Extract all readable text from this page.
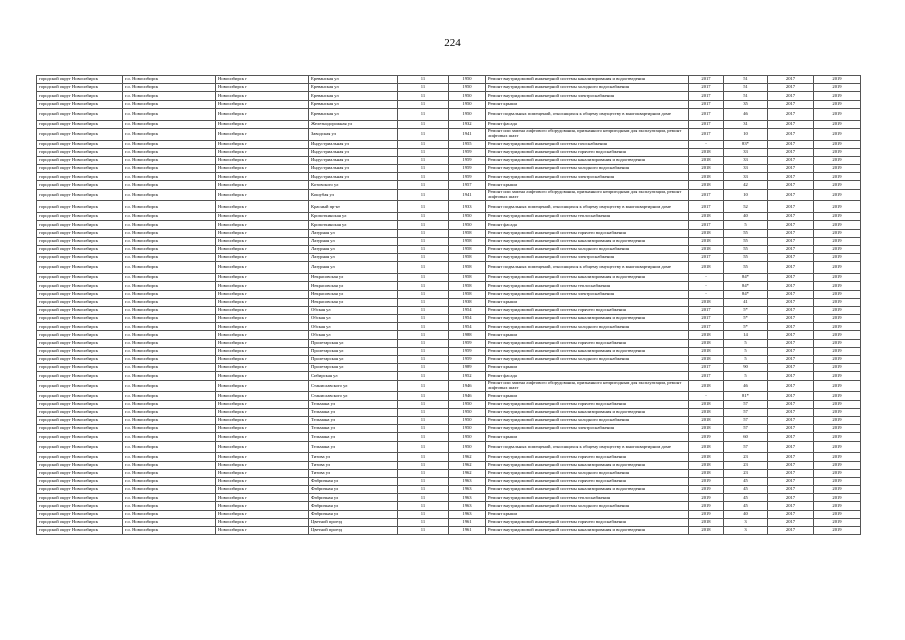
224
городской округ Новосибирск	г.о. Новосибирск	Новосибирск г	Ереванская ул	11	1950	Ремонт внутридомовой инженерной системы канализирования и водоотведения	2017	51	2017	2019
городской округ Новосибирск	г.о. Новосибирск	Новосибирск г	Ереванская ул	11	1950	Ремонт внутридомовой инженерной системы холодного водоснабжения	2017	51	2017	2019
городской округ Новосибирск	г.о. Новосибирск	Новосибирск г	Ереванская ул	11	1950	Ремонт внутридомовой инженерной системы электроснабжения	2017	51	2017	2019
городской округ Новосибирск	г.о. Новосибирск	Новосибирск г	Ереванская ул	11	1950	Ремонт крыши	2017	35	2017	2019
городской округ Новосибирск	г.о. Новосибирск	Новосибирск г	Ереванская ул	11	1950	Ремонт подвальных помещений, относящихся к общему имуществу в многоквартирном доме	2017	46	2017	2019
городской округ Новосибирск	г.о. Новосибирск	Новосибирск г	Железнодорожная ул	11	1932	Ремонт фасада	2017	31	2017	2019
городской округ Новосибирск	г.о. Новосибирск	Новосибирск г	Заводская ул	11	1941	Ремонт или замена лифтового оборудования, признанного непригодным для эксплуатации, ремонт лифтовых шахт	2017	10	2017	2019
городской округ Новосибирск	г.о. Новосибирск	Новосибирск г	Индустриальная ул	11	1955	Ремонт внутридомовой инженерной системы газоснабжения	-	83*	2017	2019
городской округ Новосибирск	г.о. Новосибирск	Новосибирск г	Индустриальная ул	11	1959	Ремонт внутридомовой инженерной системы горячего водоснабжения	2018	33	2017	2019
городской округ Новосибирск	г.о. Новосибирск	Новосибирск г	Индустриальная ул	11	1959	Ремонт внутридомовой инженерной системы канализирования и водоотведения	2018	33	2017	2019
городской округ Новосибирск	г.о. Новосибирск	Новосибирск г	Индустриальная ул	11	1959	Ремонт внутридомовой инженерной системы холодного водоснабжения	2018	33	2017	2019
городской округ Новосибирск	г.о. Новосибирск	Новосибирск г	Индустриальная ул	11	1959	Ремонт внутридомовой инженерной системы электроснабжения	2018	33	2017	2019
городской округ Новосибирск	г.о. Новосибирск	Новосибирск г	Котовского ул	11	1957	Ремонт крыши	2018	42	2017	2019
городской округ Новосибирск	г.о. Новосибирск	Новосибирск г	Кошубая ул	11	1941	Ремонт или замена лифтового оборудования, признанного непригодным для эксплуатации, ремонт лифтовых шахт	2017	10	2017	2019
городской округ Новосибирск	г.о. Новосибирск	Новосибирск г	Красный пр-кт	11	1933	Ремонт подвальных помещений, относящихся к общему имуществу в многоквартирном доме	2017	52	2017	2019
городской округ Новосибирск	г.о. Новосибирск	Новосибирск г	Кропоткинская ул	11	1950	Ремонт внутридомовой инженерной системы теплоснабжения	2018	40	2017	2019
городской округ Новосибирск	г.о. Новосибирск	Новосибирск г	Кропоткинская ул	11	1950	Ремонт фасада	2017	5	2017	2019
городской округ Новосибирск	г.о. Новосибирск	Новосибирск г	Лазурная ул	11	1958	Ремонт внутридомовой инженерной системы горячего водоснабжения	2018	55	2017	2019
городской округ Новосибирск	г.о. Новосибирск	Новосибирск г	Лазурная ул	11	1958	Ремонт внутридомовой инженерной системы канализирования и водоотведения	2018	55	2017	2019
городской округ Новосибирск	г.о. Новосибирск	Новосибирск г	Лазурная ул	11	1958	Ремонт внутридомовой инженерной системы холодного водоснабжения	2018	55	2017	2019
городской округ Новосибирск	г.о. Новосибирск	Новосибирск г	Лазурная ул	11	1958	Ремонт внутридомовой инженерной системы электроснабжения	2017	55	2017	2019
городской округ Новосибирск	г.о. Новосибирск	Новосибирск г	Лазурная ул	11	1958	Ремонт подвальных помещений, относящихся к общему имуществу в многоквартирном доме	2018	55	2017	2019
городской округ Новосибирск	г.о. Новосибирск	Новосибирск г	Некрасовская ул	11	1958	Ремонт внутридомовой инженерной системы канализирования и водоотведения	-	84*	2017	2019
городской округ Новосибирск	г.о. Новосибирск	Новосибирск г	Некрасовская ул	11	1958	Ремонт внутридомовой инженерной системы теплоснабжения	-	84*	2017	2019
городской округ Новосибирск	г.о. Новосибирск	Новосибирск г	Некрасовская ул	11	1958	Ремонт внутридомовой инженерной системы электроснабжения	-	84*	2017	2019
городской округ Новосибирск	г.о. Новосибирск	Новосибирск г	Некрасовская ул	11	1938	Ремонт крыши	2018	41	2017	2019
городской округ Новосибирск	г.о. Новосибирск	Новосибирск г	Обская ул	11	1954	Ремонт внутридомовой инженерной системы горячего водоснабжения	2017	5*	2017	2019
городской округ Новосибирск	г.о. Новосибирск	Новосибирск г	Обская ул	11	1954	Ремонт внутридомовой инженерной системы канализирования и водоотведения	2017	5*	2017	2019
городской округ Новосибирск	г.о. Новосибирск	Новосибирск г	Обская ул	11	1954	Ремонт внутридомовой инженерной системы холодного водоснабжения	2017	5*	2017	2019
городской округ Новосибирск	г.о. Новосибирск	Новосибирск г	Обская ул	11	1988	Ремонт крыши	2018	14	2017	2019
городской округ Новосибирск	г.о. Новосибирск	Новосибирск г	Пролетарская ул	11	1959	Ремонт внутридомовой инженерной системы горячего водоснабжения	2018	5	2017	2019
городской округ Новосибирск	г.о. Новосибирск	Новосибирск г	Пролетарская ул	11	1959	Ремонт внутридомовой инженерной системы канализирования и водоотведения	2018	5	2017	2019
городской округ Новосибирск	г.о. Новосибирск	Новосибирск г	Пролетарская ул	11	1959	Ремонт внутридомовой инженерной системы холодного водоснабжения	2018	5	2017	2019
городской округ Новосибирск	г.о. Новосибирск	Новосибирск г	Пролетарская ул	11	1989	Ремонт крыши	2017	90	2017	2019
городской округ Новосибирск	г.о. Новосибирск	Новосибирск г	Сибирская ул	11	1952	Ремонт фасада	2017	5	2017	2019
городской округ Новосибирск	г.о. Новосибирск	Новосибирск г	Станиславского ул	11	1946	Ремонт или замена лифтового оборудования, признанного непригодным для эксплуатации, ремонт лифтовых шахт	2018	46	2017	2019
городской округ Новосибирск	г.о. Новосибирск	Новосибирск г	Станиславского ул	11	1946	Ремонт крыши	-	81*	2017	2019
городской округ Новосибирск	г.о. Новосибирск	Новосибирск г	Тельмана ул	11	1950	Ремонт внутридомовой инженерной системы горячего водоснабжения	2018	57	2017	2019
городской округ Новосибирск	г.о. Новосибирск	Новосибирск г	Тельмана ул	11	1950	Ремонт внутридомовой инженерной системы канализирования и водоотведения	2018	57	2017	2019
городской округ Новосибирск	г.о. Новосибирск	Новосибирск г	Тельмана ул	11	1950	Ремонт внутридомовой инженерной системы холодного водоснабжения	2018	57	2017	2019
городской округ Новосибирск	г.о. Новосибирск	Новосибирск г	Тельмана ул	11	1950	Ремонт внутридомовой инженерной системы электроснабжения	2018	57	2017	2019
городской округ Новосибирск	г.о. Новосибирск	Новосибирск г	Тельмана ул	11	1950	Ремонт крыши	2019	60	2017	2019
городской округ Новосибирск	г.о. Новосибирск	Новосибирск г	Тельмана ул	11	1950	Ремонт подвальных помещений, относящихся к общему имуществу в многоквартирном доме	2018	57	2017	2019
городской округ Новосибирск	г.о. Новосибирск	Новосибирск г	Титова ул	11	1962	Ремонт внутридомовой инженерной системы горячего водоснабжения	2018	23	2017	2019
городской округ Новосибирск	г.о. Новосибирск	Новосибирск г	Титова ул	11	1962	Ремонт внутридомовой инженерной системы канализирования и водоотведения	2018	23	2017	2019
городской округ Новосибирск	г.о. Новосибирск	Новосибирск г	Титова ул	11	1962	Ремонт внутридомовой инженерной системы холодного водоснабжения	2018	23	2017	2019
городской округ Новосибирск	г.о. Новосибирск	Новосибирск г	Фабричная ул	11	1963	Ремонт внутридомовой инженерной системы горячего водоснабжения	2019	45	2017	2019
городской округ Новосибирск	г.о. Новосибирск	Новосибирск г	Фабричная ул	11	1963	Ремонт внутридомовой инженерной системы канализирования и водоотведения	2019	45	2017	2019
городской округ Новосибирск	г.о. Новосибирск	Новосибирск г	Фабричная ул	11	1963	Ремонт внутридомовой инженерной системы теплоснабжения	2019	45	2017	2019
городской округ Новосибирск	г.о. Новосибирск	Новосибирск г	Фабричная ул	11	1963	Ремонт внутридомовой инженерной системы холодного водоснабжения	2019	45	2017	2019
городской округ Новосибирск	г.о. Новосибирск	Новосибирск г	Фабричная ул	11	1963	Ремонт крыши	2019	40	2017	2019
городской округ Новосибирск	г.о. Новосибирск	Новосибирск г	Цветной проезд	11	1961	Ремонт внутридомовой инженерной системы горячего водоснабжения	2018	3	2017	2019
городской округ Новосибирск	г.о. Новосибирск	Новосибирск г	Цветной проезд	11	1961	Ремонт внутридомовой инженерной системы канализирования и водоотведения	2018	3	2017	2019
